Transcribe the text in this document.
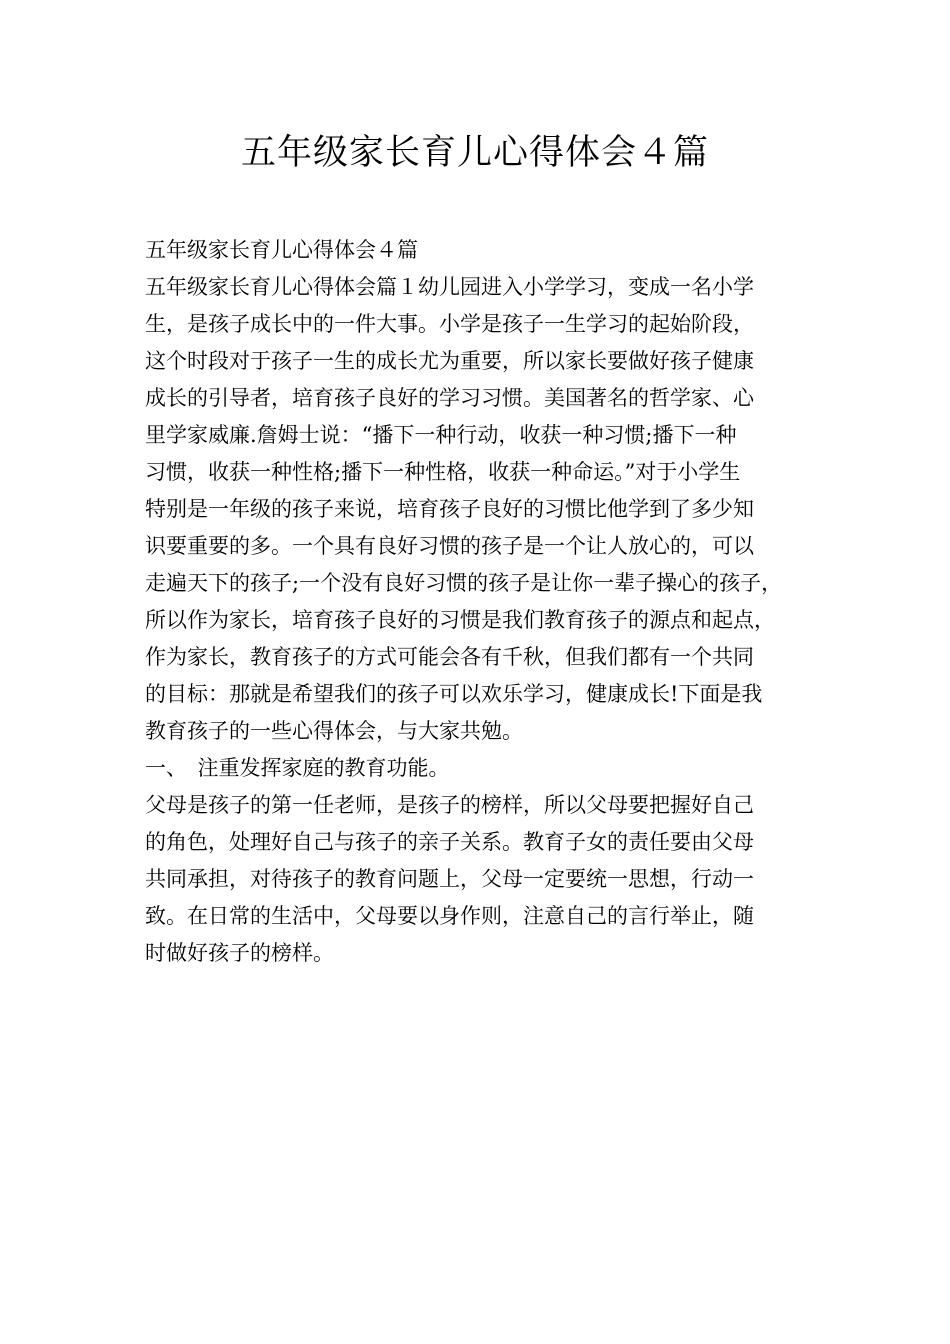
五年级家长育儿心得体会４篇
五年级家长育儿心得体会４篇
五年级家长育儿心得体会篇１幼儿园进入小学学习，变成一名小学
生，是孩子成长中的一件大事。小学是孩子一生学习的起始阶段，
这个时段对于孩子一生的成长尤为重要，所以家长要做好孩子健康
成长的引导者，培育孩子良好的学习习惯。美国著名的哲学家、心
里学家威廉.詹姆士说：“播下一种行动，收获一种习惯;播下一种
习惯，收获一种性格;播下一种性格，收获一种命运。”对于小学生
特别是一年级的孩子来说，培育孩子良好的习惯比他学到了多少知
识要重要的多。一个具有良好习惯的孩子是一个让人放心的，可以
走遍天下的孩子;一个没有良好习惯的孩子是让你一辈子操心的孩子，
所以作为家长，培育孩子良好的习惯是我们教育孩子的源点和起点，
作为家长，教育孩子的方式可能会各有千秋，但我们都有一个共同
的目标：那就是希望我们的孩子可以欢乐学习，健康成长!下面是我
教育孩子的一些心得体会，与大家共勉。
一、　注重发挥家庭的教育功能。
父母是孩子的第一任老师，是孩子的榜样，所以父母要把握好自己
的角色，处理好自己与孩子的亲子关系。教育子女的责任要由父母
共同承担，对待孩子的教育问题上，父母一定要统一思想，行动一
致。在日常的生活中，父母要以身作则，注意自己的言行举止，随
时做好孩子的榜样。
